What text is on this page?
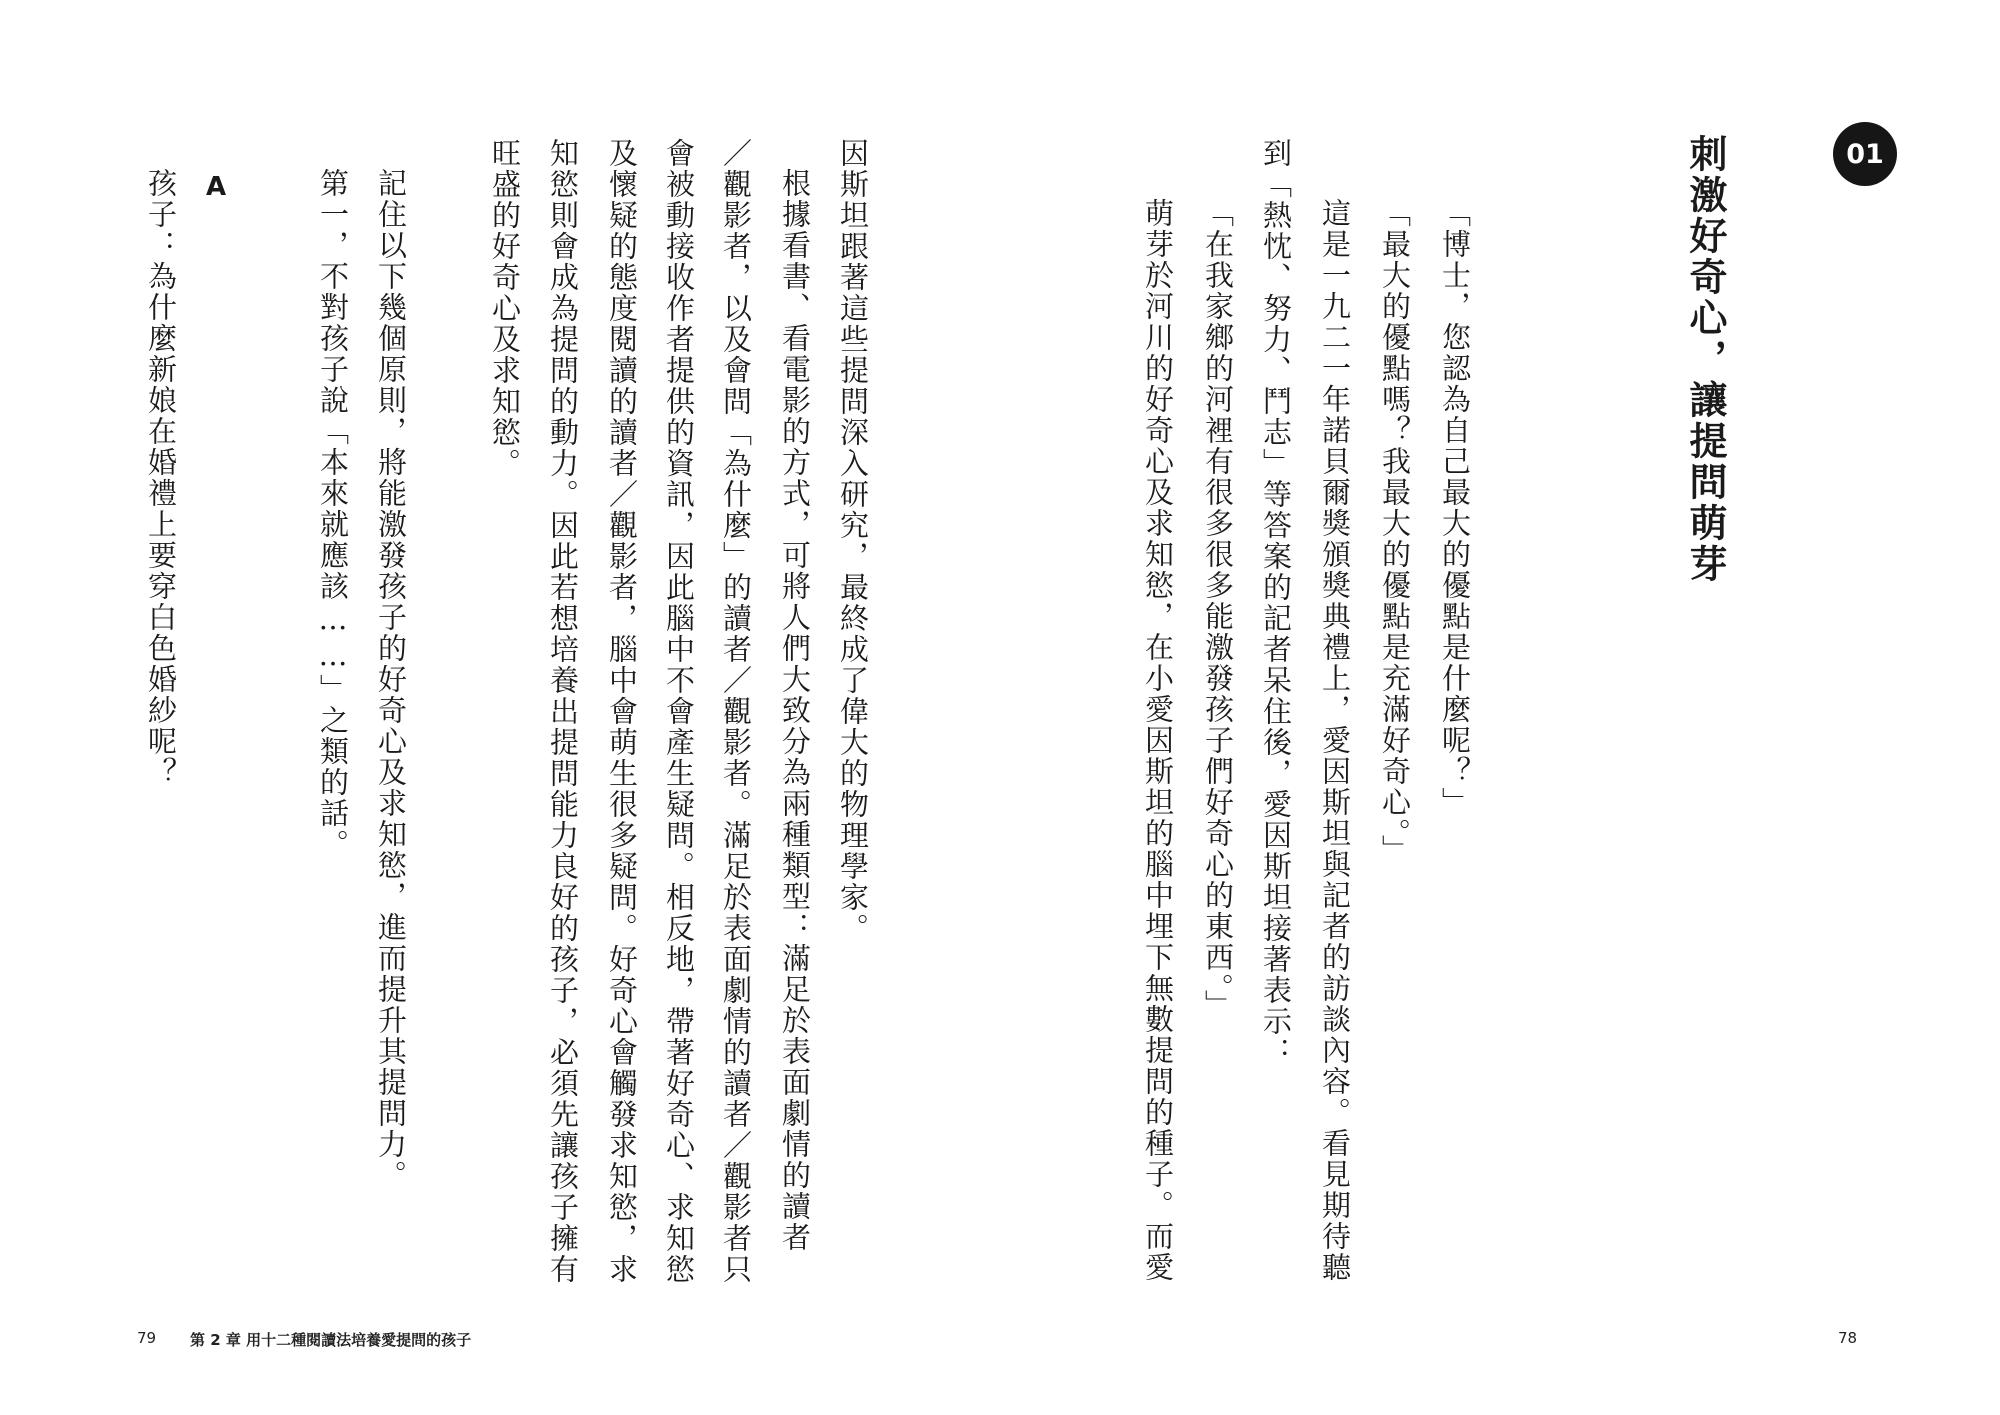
01
刺激好奇心，讓提問萌芽

「博士，您認為自己最大的優點是什麼呢？」

「最大的優點嗎？我最大的優點是充滿好奇心。」

這是一九二一年諾貝爾獎頒獎典禮上，愛因斯坦與記者的訪談內容。看見期待聽

到「熱忱、努力、鬥志」等答案的記者呆住後，愛因斯坦接著表示：

「在我家鄉的河裡有很多很多能激發孩子們好奇心的東西。」

萌芽於河川的好奇心及求知慾，在小愛因斯坦的腦中埋下無數提問的種子。而愛

因斯坦跟著這些提問深入研究，最終成了偉大的物理學家。

根據看書、看電影的方式，可將人們大致分為兩種類型：滿足於表面劇情的讀者

／觀影者，以及會問「為什麼」的讀者／觀影者。滿足於表面劇情的讀者／觀影者只

會被動接收作者提供的資訊，因此腦中不會產生疑問。相反地，帶著好奇心、求知慾

及懷疑的態度閱讀的讀者／觀影者，腦中會萌生很多疑問。好奇心會觸發求知慾，求

知慾則會成為提問的動力。因此若想培養出提問能力良好的孩子，必須先讓孩子擁有

旺盛的好奇心及求知慾。

記住以下幾個原則，將能激發孩子的好奇心及求知慾，進而提升其提問力。

第一，不對孩子說「本來就應該……」之類的話。

A

孩子：為什麼新娘在婚禮上要穿白色婚紗呢？

79 第 2 章 用十二種閱讀法培養愛提問的孩子	78
